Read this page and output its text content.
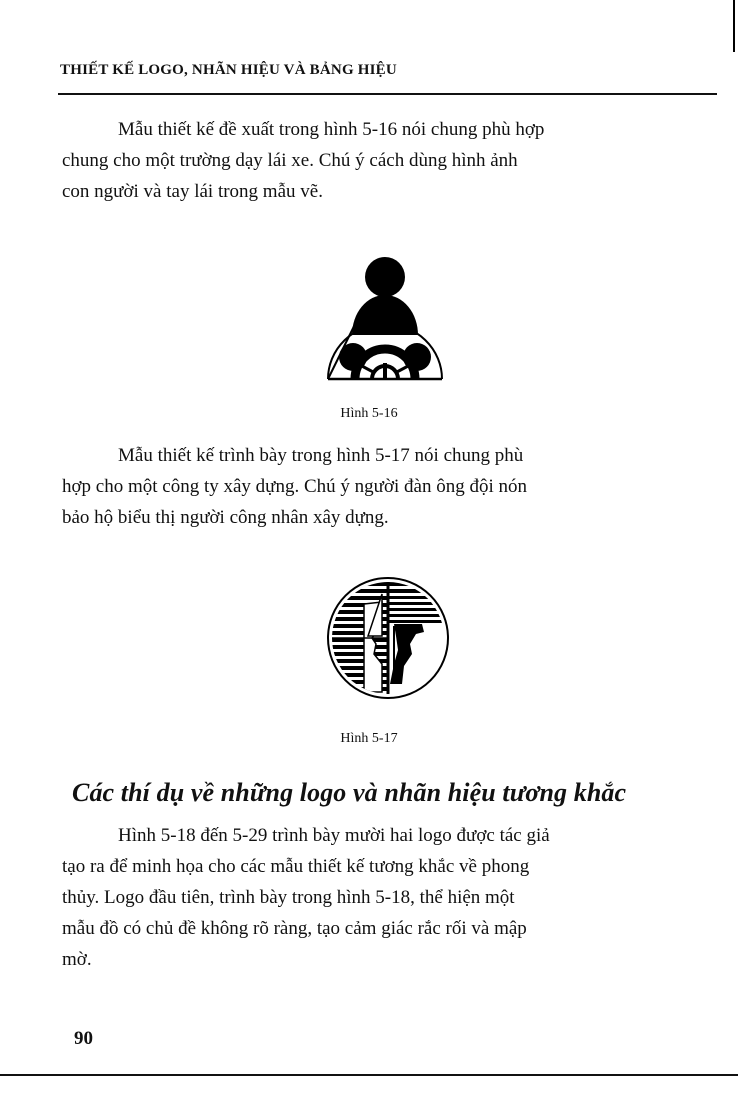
THIẾT KẾ LOGO, NHÃN HIỆU VÀ BẢNG HIỆU
Mẫu thiết kế đề xuất trong hình 5-16 nói chung phù hợp
chung cho một trường dạy lái xe. Chú ý cách dùng hình ảnh
con người và tay lái trong mẫu vẽ.
Hình 5-16
Mẫu thiết kế trình bày trong hình 5-17 nói chung phù
hợp cho một công ty xây dựng. Chú ý người đàn ông đội nón
bảo hộ biểu thị người công nhân xây dựng.
Hình 5-17
Các thí dụ về những logo và nhãn hiệu tương khắc
Hình 5-18 đến 5-29 trình bày mười hai logo được tác giả
tạo ra để minh họa cho các mẫu thiết kế tương khắc về phong
thủy. Logo đầu tiên, trình bày trong hình 5-18, thể hiện một
mẫu đồ có chủ đề không rõ ràng, tạo cảm giác rắc rối và mập
mờ.
90
